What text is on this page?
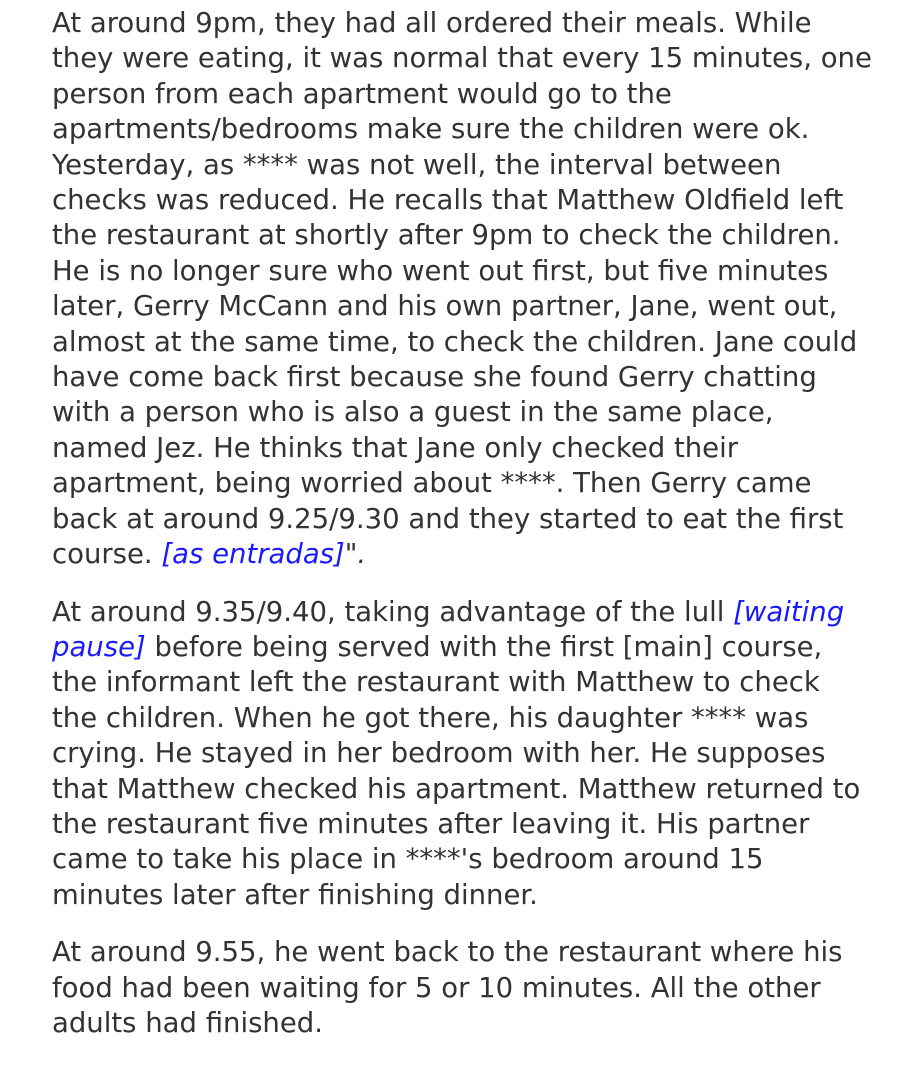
At around 9pm, they had all ordered their meals. While they were eating, it was normal that every 15 minutes, one person from each apartment would go to the apartments/bedrooms make sure the children were ok. Yesterday, as **** was not well, the interval between checks was reduced. He recalls that Matthew Oldfield left the restaurant at shortly after 9pm to check the children. He is no longer sure who went out first, but five minutes later, Gerry McCann and his own partner, Jane, went out, almost at the same time, to check the children. Jane could have come back first because she found Gerry chatting with a person who is also a guest in the same place, named Jez. He thinks that Jane only checked their apartment, being worried about ****. Then Gerry came back at around 9.25/9.30 and they started to eat the first course. [as entradas]".

At around 9.35/9.40, taking advantage of the lull [waiting pause] before being served with the first [main] course, the informant left the restaurant with Matthew to check the children. When he got there, his daughter **** was crying. He stayed in her bedroom with her. He supposes that Matthew checked his apartment. Matthew returned to the restaurant five minutes after leaving it. His partner came to take his place in ****'s bedroom around 15 minutes later after finishing dinner.

At around 9.55, he went back to the restaurant where his food had been waiting for 5 or 10 minutes. All the other adults had finished.
